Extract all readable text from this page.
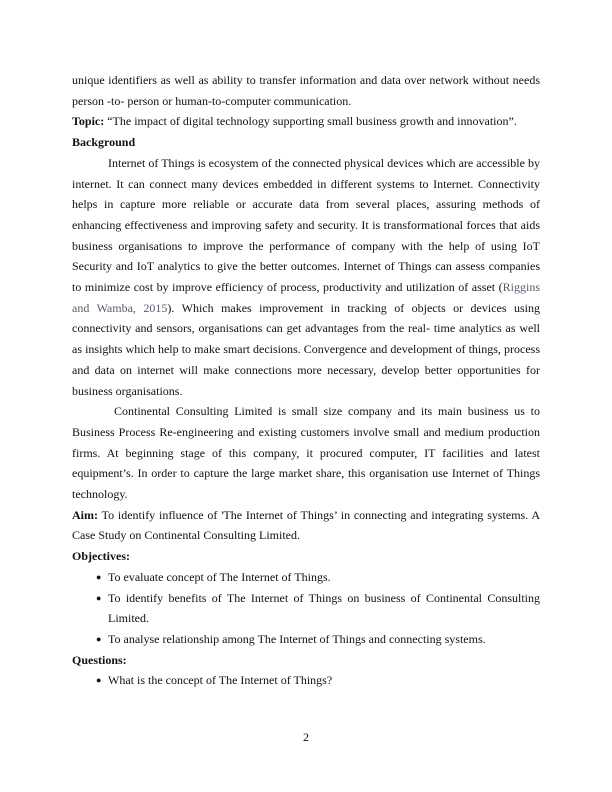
unique identifiers as well as ability to transfer information and data over network without needs
person -to- person or human-to-computer communication.
Topic: “The impact of digital technology supporting small business growth and innovation”.
Background
Internet of Things is ecosystem of the connected physical devices which are accessible by
internet. It can connect many devices embedded in different systems to Internet. Connectivity
helps in capture more reliable or accurate data from several places, assuring methods of
enhancing effectiveness and improving safety and security. It is transformational forces that aids
business organisations to improve the performance of company with the help of using IoT
Security and IoT analytics to give the better outcomes. Internet of Things can assess companies
to minimize cost by improve efficiency of process, productivity and utilization of asset (Riggins
and Wamba, 2015). Which makes improvement in tracking of objects or devices using
connectivity and sensors, organisations can get advantages from the real- time analytics as well
as insights which help to make smart decisions. Convergence and development of things, process
and data on internet will make connections more necessary, develop better opportunities for
business organisations.
Continental Consulting Limited is small size company and its main business us to
Business Process Re-engineering and existing customers involve small and medium production
firms. At beginning stage of this company, it procured computer, IT facilities and latest
equipment’s. In order to capture the large market share, this organisation use Internet of Things
technology.
Aim: To identify influence of 'The Internet of Things’ in connecting and integrating systems. A
Case Study on Continental Consulting Limited.
Objectives:
● To evaluate concept of The Internet of Things.
● To identify benefits of The Internet of Things on business of Continental Consulting
Limited.
● To analyse relationship among The Internet of Things and connecting systems.
Questions:
● What is the concept of The Internet of Things?
2
